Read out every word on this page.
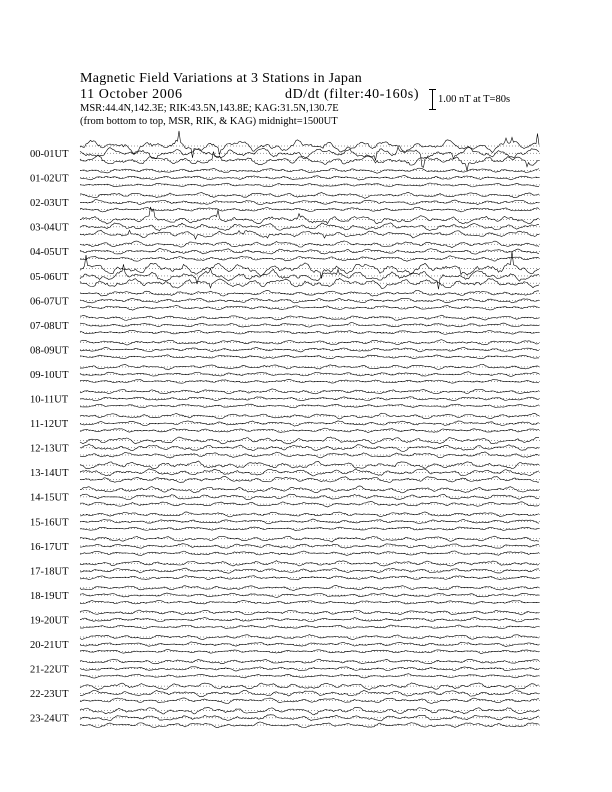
Magnetic Field Variations at 3 Stations in Japan
11 October 2006	dD/dt (filter:40-160s)
MSR:44.4N,142.3E; RIK:43.5N,143.8E; KAG:31.5N,130.7E
(from bottom to top, MSR, RIK, & KAG) midnight=1500UT
1.00 nT at T=80s
00-01UT
01-02UT
02-03UT
03-04UT
04-05UT
05-06UT
06-07UT
07-08UT
08-09UT
09-10UT
10-11UT
11-12UT
12-13UT
13-14UT
14-15UT
15-16UT
16-17UT
17-18UT
18-19UT
19-20UT
20-21UT
21-22UT
22-23UT
23-24UT
